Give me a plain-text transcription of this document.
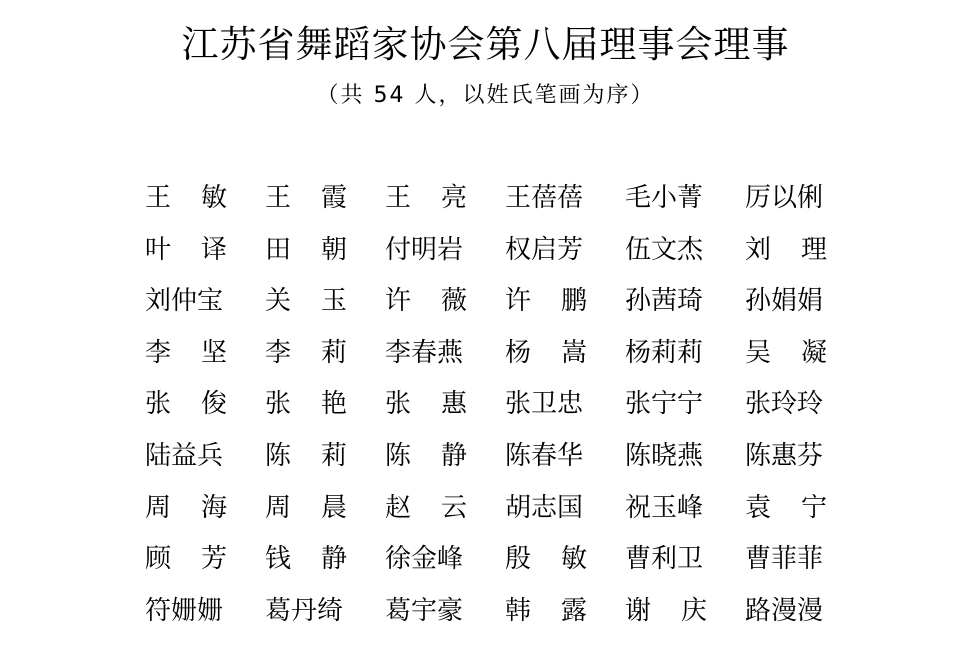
江苏省舞蹈家协会第八届理事会理事
（共 54 人，以姓氏笔画为序）
王 敏 王 霞 王 亮 王蓓蓓 毛小菁 厉以俐
叶 译 田 朝 付明岩 权启芳 伍文杰 刘 理
刘仲宝 关 玉 许 薇 许 鹏 孙茜琦 孙娟娟
李 坚 李 莉 李春燕 杨 嵩 杨莉莉 吴 凝
张 俊 张 艳 张 惠 张卫忠 张宁宁 张玲玲
陆益兵 陈 莉 陈 静 陈春华 陈晓燕 陈惠芬
周 海 周 晨 赵 云 胡志国 祝玉峰 袁 宁
顾 芳 钱 静 徐金峰 殷 敏 曹利卫 曹菲菲
符姗姗 葛丹绮 葛宇豪 韩 露 谢 庆 路漫漫
